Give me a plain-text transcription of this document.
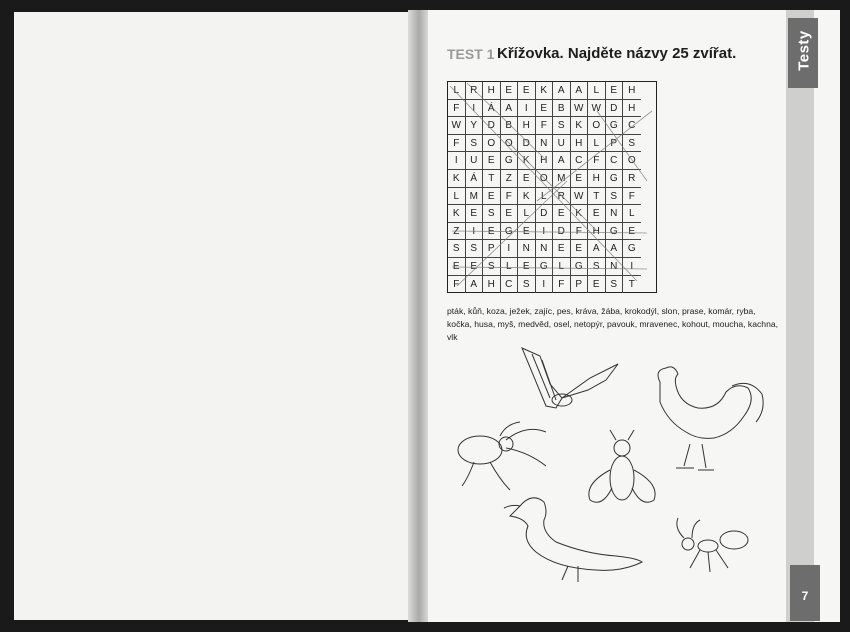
Testy
7
TEST 1 Křížovka. Najděte názvy 25 zvířat.
L	R	H	E	E	K	A	A	L	E	H
F	I	Á	A	I	E	B W W D	H
W Y	D	B	H	F	S	K	O G	C
F	S	O O D	N	U	H	L	P	S
I	U	E	G	K	H	A	C	F	C	O
K	Á	T	Z	E	O M E	H	G	R
L	M E	F	K	L	R W T	S	F
K	E	S	E	L	D	E	K	E	N	L
Z	I	E	G	E	I	D	F	H	G	E
S	S	P	I	N	N	E	E	A	A	G
E	E	S	L	E	G	L	G	S	N	I
F	A	H	C	S	I	F	P	E	S	T
pták, kůň, koza, ježek, zajíc, pes, kráva, žába, krokodýl, slon, prase, komár, ryba, kočka, husa, myš, medvěd, osel, netopýr, pavouk, mravenec, kohout, moucha, kachna, vlk
